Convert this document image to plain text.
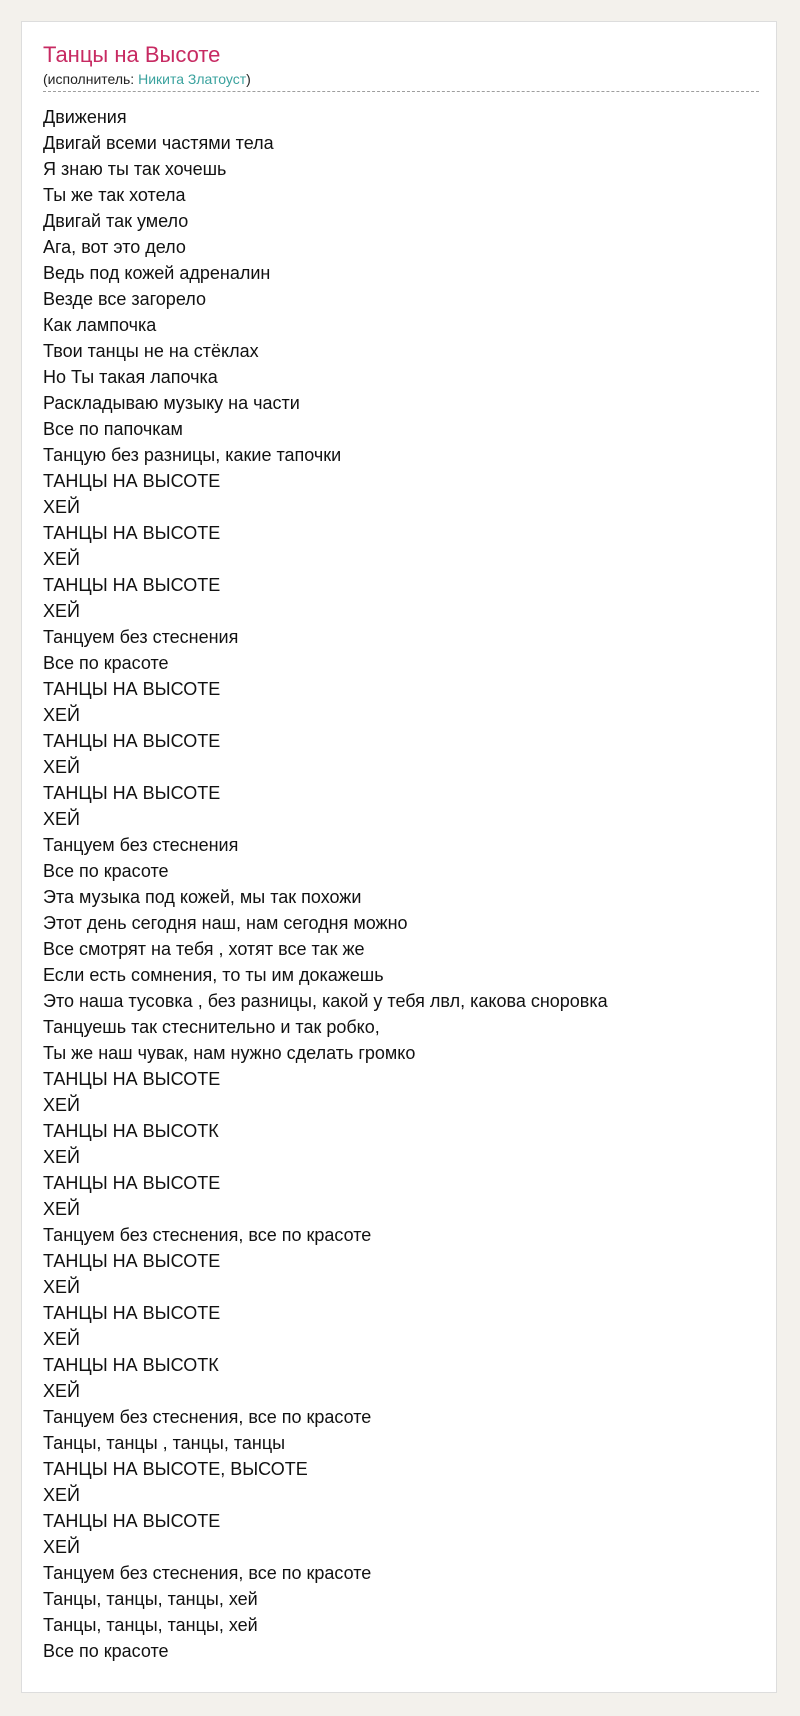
Танцы на Высоте
(исполнитель: Никита Златоуст)
Движения
Двигай всеми частями тела
Я знаю ты так хочешь
Ты же так хотела
Двигай так умело
Ага, вот это дело
Ведь под кожей адреналин
Везде все загорело
Как лампочка
Твои танцы не на стёклах
Но Ты такая лапочка
Раскладываю музыку на части
Все по папочкам
Танцую без разницы, какие тапочки
ТАНЦЫ НА ВЫСОТЕ
ХЕЙ
ТАНЦЫ НА ВЫСОТЕ
ХЕЙ
ТАНЦЫ НА ВЫСОТЕ
ХЕЙ
Танцуем без стеснения
Все по красоте
ТАНЦЫ НА ВЫСОТЕ
ХЕЙ
ТАНЦЫ НА ВЫСОТЕ
ХЕЙ
ТАНЦЫ НА ВЫСОТЕ
ХЕЙ
Танцуем без стеснения
Все по красоте
Эта музыка под кожей, мы так похожи
Этот день сегодня наш, нам сегодня можно
Все смотрят на тебя , хотят все так же
Если есть сомнения, то ты им докажешь
Это наша тусовка , без разницы, какой у тебя лвл, какова сноровка
Танцуешь так стеснительно и так робко,
Ты же наш чувак, нам нужно сделать громко
ТАНЦЫ НА ВЫСОТЕ
ХЕЙ
ТАНЦЫ НА ВЫСОТК
ХЕЙ
ТАНЦЫ НА ВЫСОТЕ
ХЕЙ
Танцуем без стеснения, все по красоте
ТАНЦЫ НА ВЫСОТЕ
ХЕЙ
ТАНЦЫ НА ВЫСОТЕ
ХЕЙ
ТАНЦЫ НА ВЫСОТК
ХЕЙ
Танцуем без стеснения, все по красоте
Танцы, танцы , танцы, танцы
ТАНЦЫ НА ВЫСОТЕ, ВЫСОТЕ
ХЕЙ
ТАНЦЫ НА ВЫСОТЕ
ХЕЙ
Танцуем без стеснения, все по красоте
Танцы, танцы, танцы, хей
Танцы, танцы, танцы, хей
Все по красоте
